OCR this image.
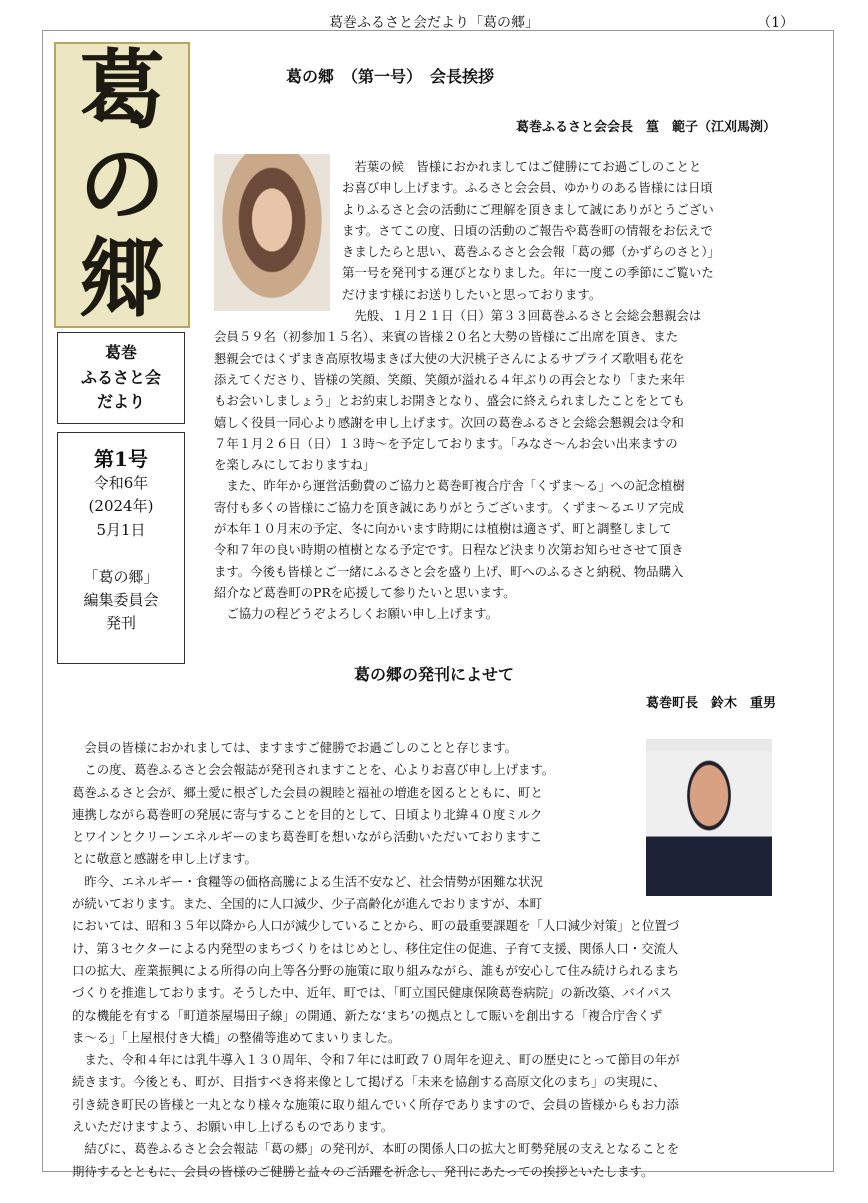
葛巻ふるさと会だより「葛の郷」	（1）
葛
の
郷
葛巻
ふるさと会
だより
第1号
令和6年
(2024年)
5月1日
「葛の郷」
編集委員会
発刊
葛の郷　（第一号）　会長挨拶
葛巻ふるさと会会長　篁　範子（江刈馬渕）
若葉の候　皆様におかれましてはご健勝にてお過ごしのことと
お喜び申し上げます。ふるさと会会員、ゆかりのある皆様には日頃
よりふるさと会の活動にご理解を頂きまして誠にありがとうござい
ます。さてこの度、日頃の活動のご報告や葛巻町の情報をお伝えで
きましたらと思い、葛巻ふるさと会会報「葛の郷（かずらのさと）」
第一号を発刊する運びとなりました。年に一度この季節にご覧いた
だけます様にお送りしたいと思っております。
　先般、１月２１日（日）第３３回葛巻ふるさと会総会懇親会は
会員５９名（初参加１５名）、来賓の皆様２０名と大勢の皆様にご出席を頂き、また
懇親会ではくずまき高原牧場まきば大使の大沢桃子さんによるサプライズ歌唱も花を
添えてくださり、皆様の笑顔、笑顔、笑顔が溢れる４年ぶりの再会となり「また来年
もお会いしましょう」とお約束しお開きとなり、盛会に終えられましたことをとても
嬉しく役員一同心より感謝を申し上げます。次回の葛巻ふるさと会総会懇親会は令和
７年１月２６日（日）１３時～を予定しております。「みなさ～んお会い出来ますの
を楽しみにしておりますね」
　また、昨年から運営活動費のご協力と葛巻町複合庁舎「くずま～る」への記念植樹
寄付も多くの皆様にご協力を頂き誠にありがとうございます。くずま～るエリア完成
が本年１０月末の予定、冬に向かいます時期には植樹は適さず、町と調整しまして
令和７年の良い時期の植樹となる予定です。日程など決まり次第お知らせさせて頂き
ます。今後も皆様とご一緒にふるさと会を盛り上げ、町へのふるさと納税、物品購入
紹介など葛巻町のPRを応援して参りたいと思います。
　ご協力の程どうぞよろしくお願い申し上げます。
葛の郷の発刊によせて
葛巻町長　鈴木　重男
　会員の皆様におかれましては、ますますご健勝でお過ごしのことと存じます。
　この度、葛巻ふるさと会会報誌が発刊されますことを、心よりお喜び申し上げます。
葛巻ふるさと会が、郷土愛に根ざした会員の親睦と福祉の増進を図るとともに、町と
連携しながら葛巻町の発展に寄与することを目的として、日頃より北緯４０度ミルク
とワインとクリーンエネルギーのまち葛巻町を想いながら活動いただいておりますこ
とに敬意と感謝を申し上げます。
　昨今、エネルギー・食糧等の価格高騰による生活不安など、社会情勢が困難な状況
が続いております。また、全国的に人口減少、少子高齢化が進んでおりますが、本町
においては、昭和３５年以降から人口が減少していることから、町の最重要課題を「人口減少対策」と位置づ
け、第３セクターによる内発型のまちづくりをはじめとし、移住定住の促進、子育て支援、関係人口・交流人
口の拡大、産業振興による所得の向上等各分野の施策に取り組みながら、誰もが安心して住み続けられるまち
づくりを推進しております。そうした中、近年、町では、「町立国民健康保険葛巻病院」の新改築、バイパス
的な機能を有する「町道茶屋場田子線」の開通、新たな‘まち’の拠点として賑いを創出する「複合庁舎くず
ま～る」「上屋根付き大橋」の整備等進めてまいりました。
　また、令和４年には乳牛導入１３０周年、令和７年には町政７０周年を迎え、町の歴史にとって節目の年が
続きます。今後とも、町が、目指すべき将来像として掲げる「未来を協創する高原文化のまち」の実現に、
引き続き町民の皆様と一丸となり様々な施策に取り組んでいく所存でありますので、会員の皆様からもお力添
えいただけますよう、お願い申し上げるものであります。
　結びに、葛巻ふるさと会会報誌「葛の郷」の発刊が、本町の関係人口の拡大と町勢発展の支えとなることを
期待するとともに、会員の皆様のご健勝と益々のご活躍を祈念し、発刊にあたっての挨拶といたします。
